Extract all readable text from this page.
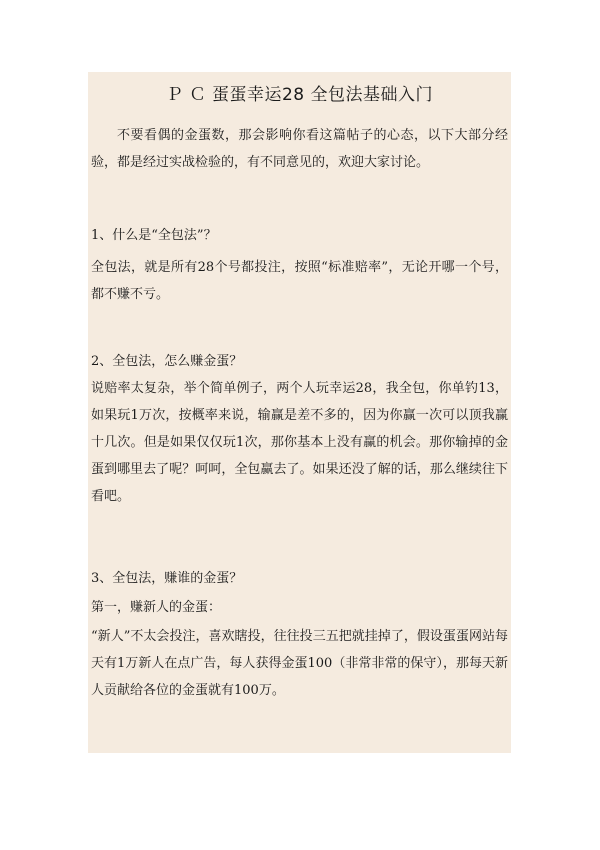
ＰＣ蛋蛋幸运28 全包法基础入门

不要看偶的金蛋数，那会影响你看这篇帖子的心态，以下大部分经验，都是经过实战检验的，有不同意见的，欢迎大家讨论。

1、什么是“全包法”？

全包法，就是所有28个号都投注，按照“标准赔率”，无论开哪一个号，都不赚不亏。

2、全包法，怎么赚金蛋？

说赔率太复杂，举个简单例子，两个人玩幸运28，我全包，你单钓13，如果玩1万次，按概率来说，输赢是差不多的，因为你赢一次可以顶我赢十几次。但是如果仅仅玩1次，那你基本上没有赢的机会。那你输掉的金蛋到哪里去了呢？呵呵，全包赢去了。如果还没了解的话，那么继续往下看吧。

3、全包法，赚谁的金蛋？

第一，赚新人的金蛋：

“新人”不太会投注，喜欢瞎投，往往投三五把就挂掉了，假设蛋蛋网站每天有1万新人在点广告，每人获得金蛋100（非常非常的保守），那每天新人贡献给各位的金蛋就有100万。
